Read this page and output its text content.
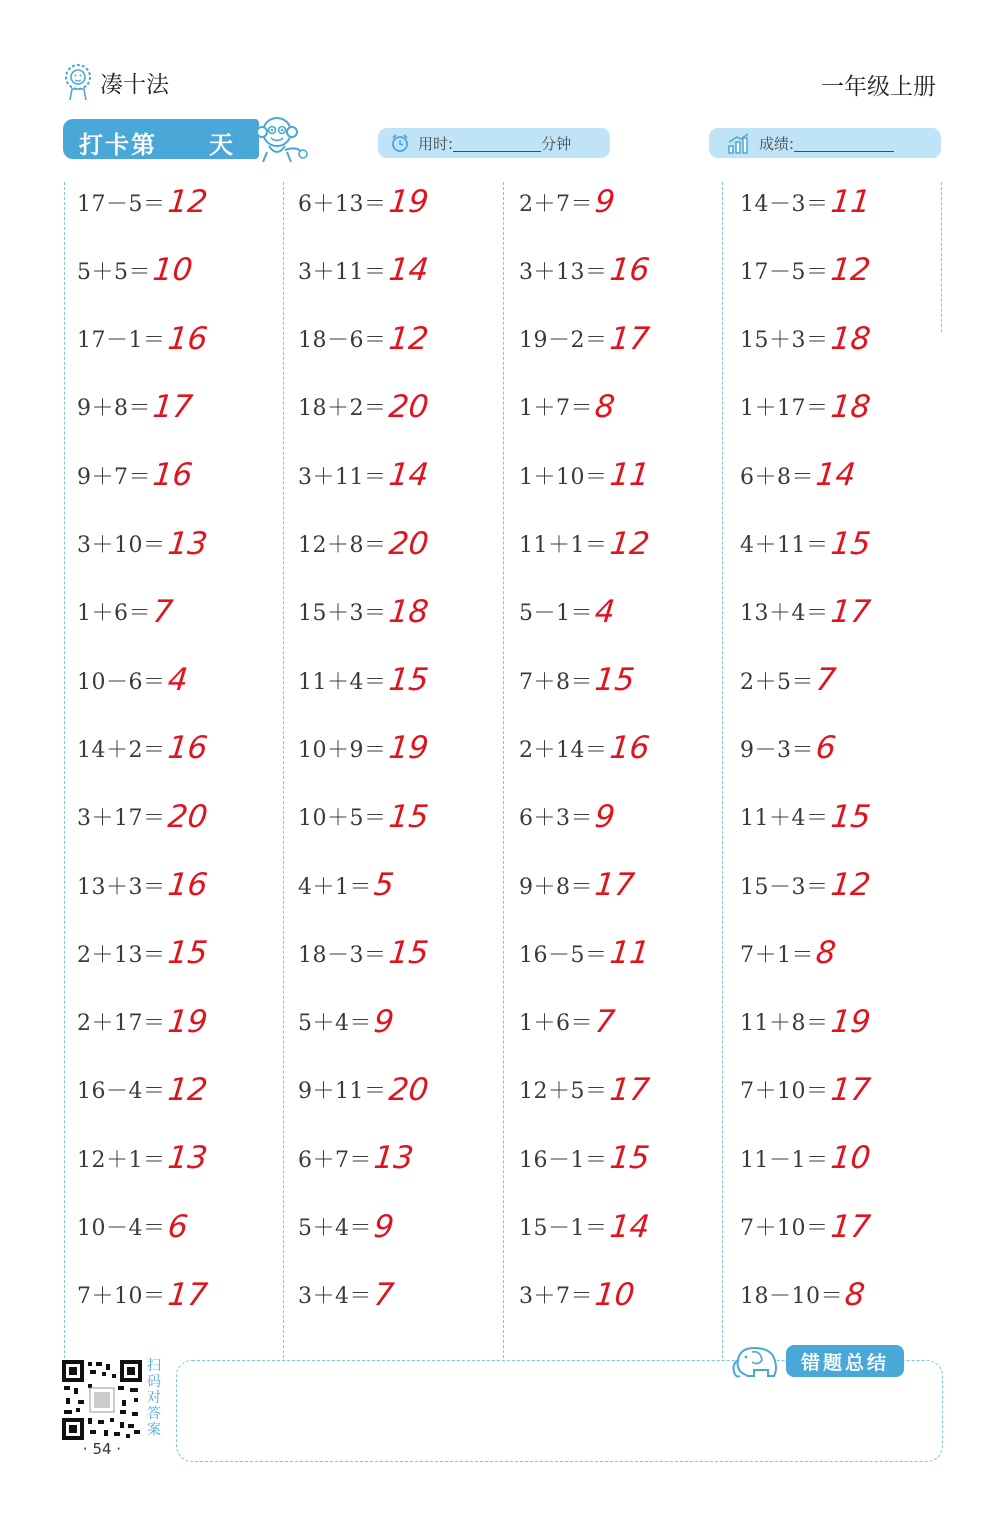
凑十法	一年级上册
打卡第 天	用时:	分钟	成绩:
17－5＝ 12
5＋5＝ 10
17－1＝ 16
9＋8＝ 17
9＋7＝ 16
3＋10＝ 13
1＋6＝ 7
10－6＝ 4
14＋2＝ 16
3＋17＝ 20
13＋3＝ 16
2＋13＝ 15
2＋17＝ 19
16－4＝ 12
12＋1＝ 13
10－4＝ 6
7＋10＝ 17
6＋13＝ 19
3＋11＝ 14
18－6＝ 12
18＋2＝ 20
3＋11＝ 14
12＋8＝ 20
15＋3＝ 18
11＋4＝ 15
10＋9＝ 19
10＋5＝ 15
4＋1＝ 5
18－3＝ 15
5＋4＝ 9
9＋11＝ 20
6＋7＝ 13
5＋4＝ 9
3＋4＝ 7
2＋7＝ 9
3＋13＝ 16
19－2＝ 17
1＋7＝ 8
1＋10＝ 11
11＋1＝ 12
5－1＝ 4
7＋8＝ 15
2＋14＝ 16
6＋3＝ 9
9＋8＝ 17
16－5＝ 11
1＋6＝ 7
12＋5＝ 17
16－1＝ 15
15－1＝ 14
3＋7＝ 10
14－3＝ 11
17－5＝ 12
15＋3＝ 18
1＋17＝ 18
6＋8＝ 14
4＋11＝ 15
13＋4＝ 17
2＋5＝ 7
9－3＝ 6
11＋4＝ 15
15－3＝ 12
7＋1＝ 8
11＋8＝ 19
7＋10＝ 17
11－1＝ 10
7＋10＝ 17
18－10＝ 8
错题总结
扫码对答案
· 54 ·
